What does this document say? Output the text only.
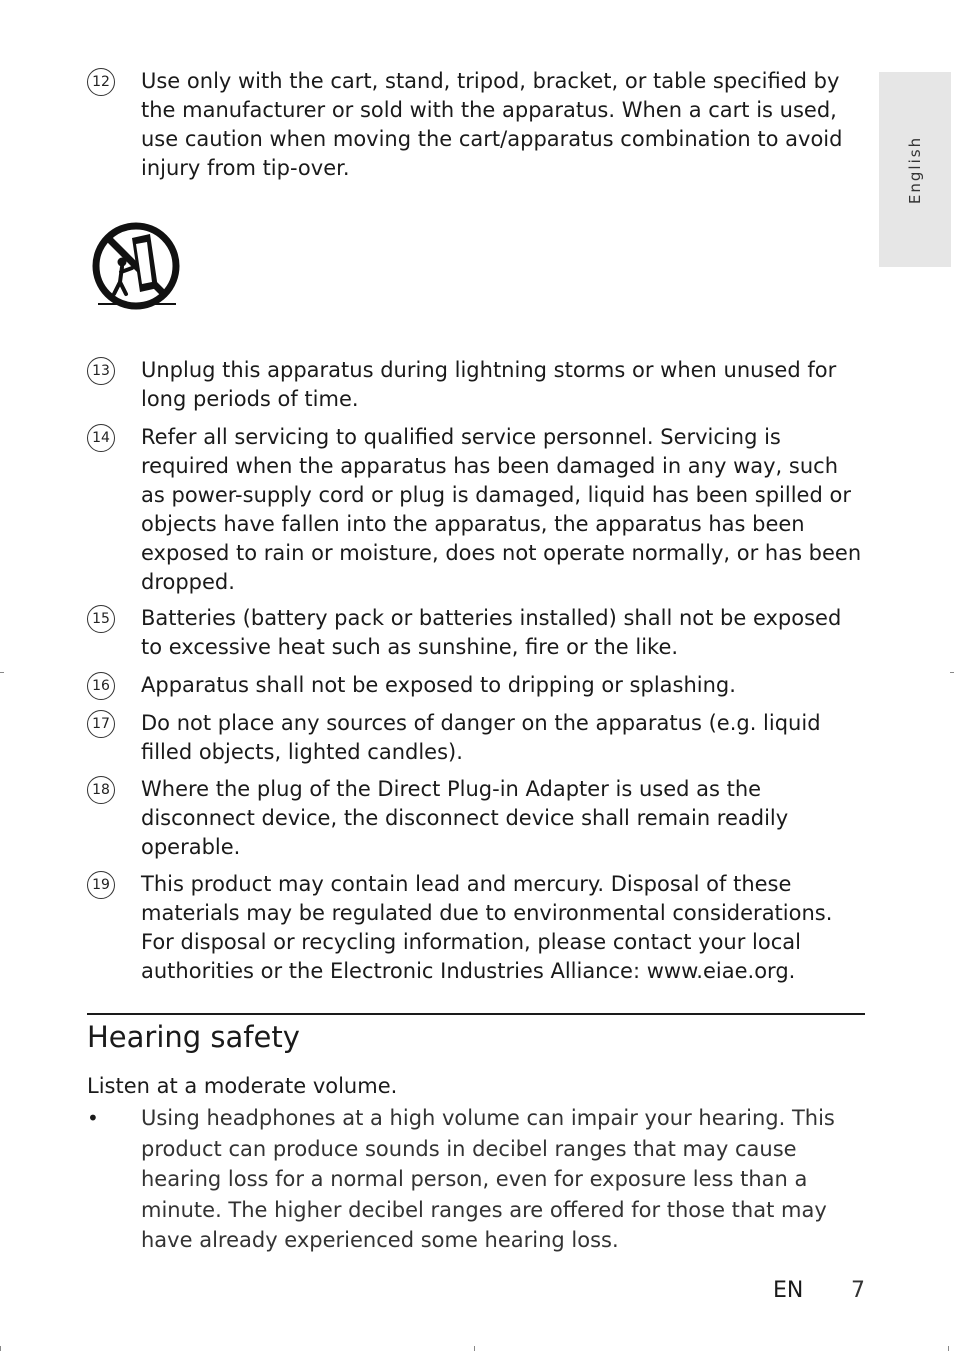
English
12 Use only with the cart, stand, tripod, bracket, or table specified by the manufacturer or sold with the apparatus. When a cart is used, use caution when moving the cart/apparatus combination to avoid injury from tip-over.
13 Unplug this apparatus during lightning storms or when unused for long periods of time.
14 Refer all servicing to qualified service personnel. Servicing is required when the apparatus has been damaged in any way, such as power-supply cord or plug is damaged, liquid has been spilled or objects have fallen into the apparatus, the apparatus has been exposed to rain or moisture, does not operate normally, or has been dropped.
15 Batteries (battery pack or batteries installed) shall not be exposed to excessive heat such as sunshine, fire or the like.
16 Apparatus shall not be exposed to dripping or splashing.
17 Do not place any sources of danger on the apparatus (e.g. liquid filled objects, lighted candles).
18 Where the plug of the Direct Plug-in Adapter is used as the disconnect device, the disconnect device shall remain readily operable.
19 This product may contain lead and mercury. Disposal of these materials may be regulated due to environmental considerations. For disposal or recycling information, please contact your local authorities or the Electronic Industries Alliance: www.eiae.org.
Hearing safety
Listen at a moderate volume.
• Using headphones at a high volume can impair your hearing. This product can produce sounds in decibel ranges that may cause hearing loss for a normal person, even for exposure less than a minute. The higher decibel ranges are offered for those that may have already experienced some hearing loss.
EN 7
